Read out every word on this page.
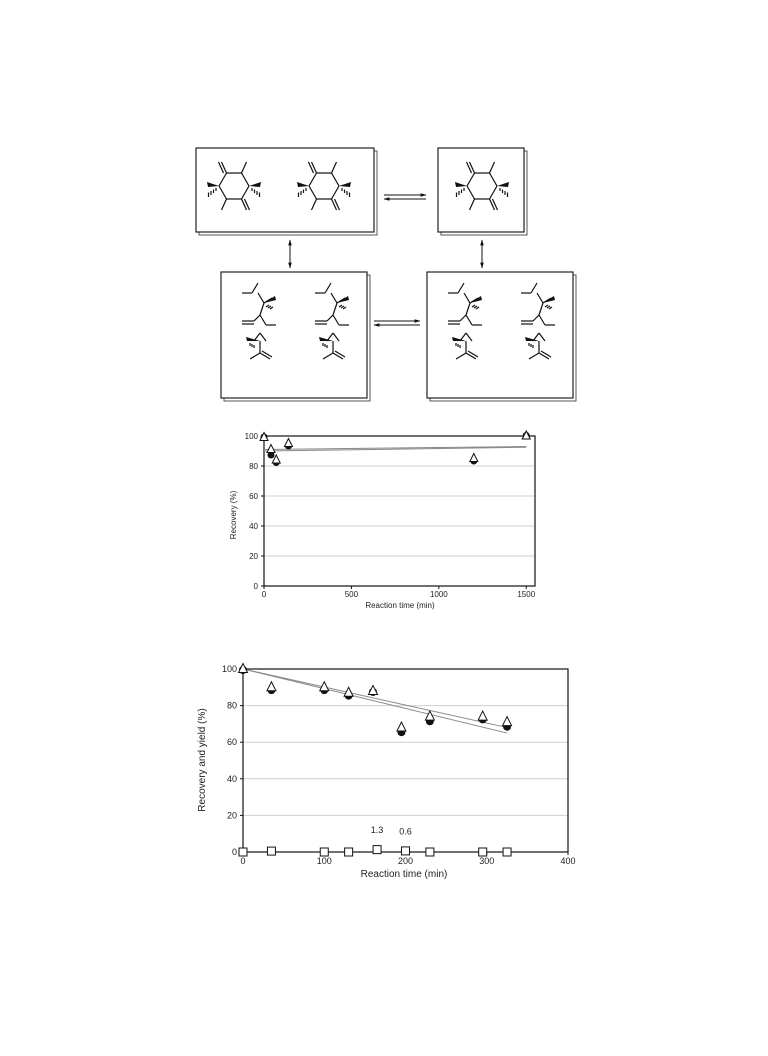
0
20
40
60
80
100
0	500	1000	1500
Reaction time (min)
Recovery (%)
0
20
40
60
80
100
0	100	200	300	400
1.3 0.6
Reaction time (min)
Recovery and yield (%)
